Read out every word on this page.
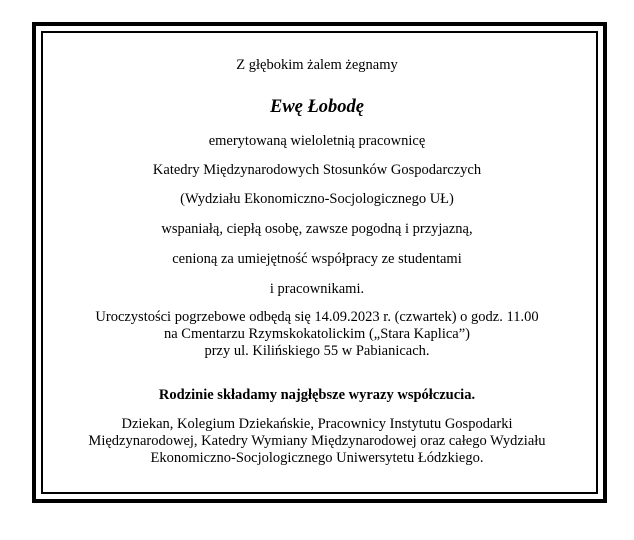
Z głębokim żalem żegnamy
Ewę Łobodę
emerytowaną wieloletnią pracownicę
Katedry Międzynarodowych Stosunków Gospodarczych
(Wydziału Ekonomiczno-Socjologicznego UŁ)
wspaniałą, ciepłą osobę, zawsze pogodną i przyjazną,
cenioną za umiejętność współpracy ze studentami
i pracownikami.
Uroczystości pogrzebowe odbędą się 14.09.2023 r. (czwartek) o godz. 11.00
na Cmentarzu Rzymskokatolickim („Stara Kaplica”)
przy ul. Kilińskiego 55 w Pabianicach.
Rodzinie składamy najgłębsze wyrazy współczucia.
Dziekan, Kolegium Dziekańskie, Pracownicy Instytutu Gospodarki
Międzynarodowej, Katedry Wymiany Międzynarodowej oraz całego Wydziału
Ekonomiczno-Socjologicznego Uniwersytetu Łódzkiego.
